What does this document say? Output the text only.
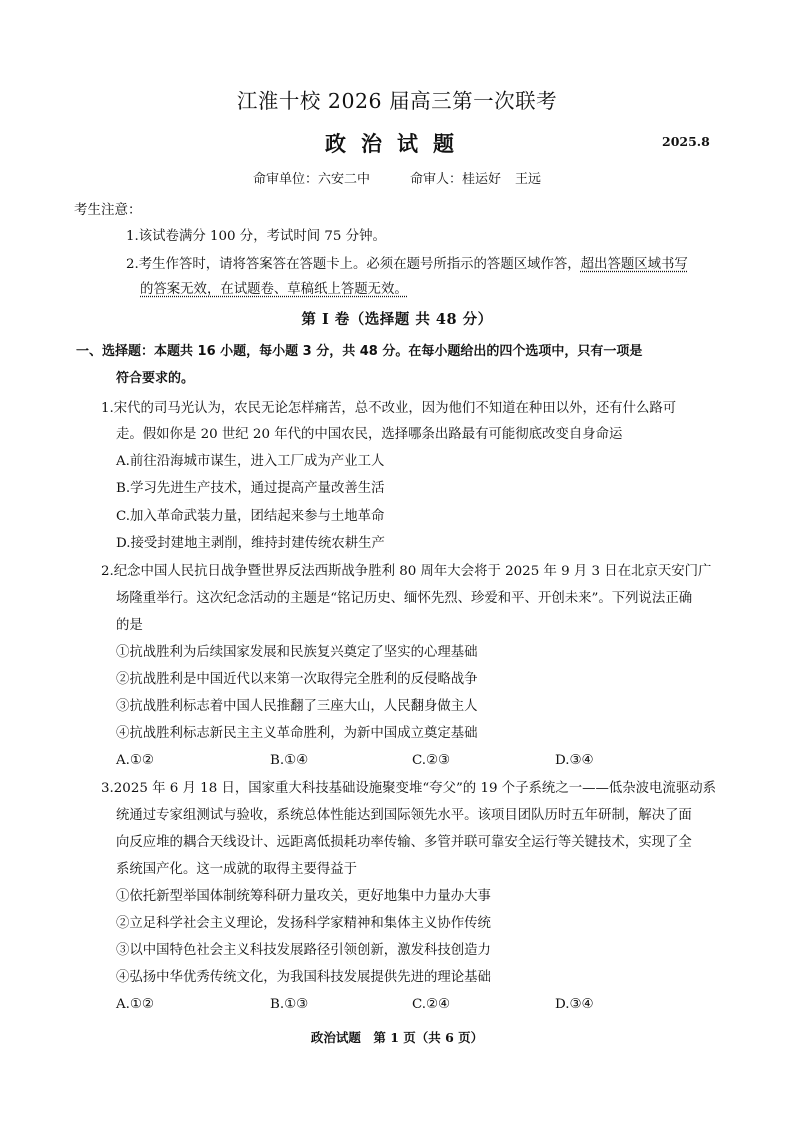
江淮十校 2026 届高三第一次联考
政治试题	2025.8
命审单位：六安二中	命审人：桂运好 王远
考生注意：
1.该试卷满分 100 分，考试时间 75 分钟。
2.考生作答时，请将答案答在答题卡上。必须在题号所指示的答题区域作答，超出答题区域书写
的答案无效，在试题卷、草稿纸上答题无效。
第 I 卷（选择题 共 48 分）
一、选择题：本题共 16 小题，每小题 3 分，共 48 分。在每小题给出的四个选项中，只有一项是
符合要求的。
1.宋代的司马光认为，农民无论怎样痛苦，总不改业，因为他们不知道在种田以外，还有什么路可
走。假如你是 20 世纪 20 年代的中国农民，选择哪条出路最有可能彻底改变自身命运
A.前往沿海城市谋生，进入工厂成为产业工人
B.学习先进生产技术，通过提高产量改善生活
C.加入革命武装力量，团结起来参与土地革命
D.接受封建地主剥削，维持封建传统农耕生产
2.纪念中国人民抗日战争暨世界反法西斯战争胜利 80 周年大会将于 2025 年 9 月 3 日在北京天安门广
场隆重举行。这次纪念活动的主题是“铭记历史、缅怀先烈、珍爱和平、开创未来”。下列说法正确
的是
①抗战胜利为后续国家发展和民族复兴奠定了坚实的心理基础
②抗战胜利是中国近代以来第一次取得完全胜利的反侵略战争
③抗战胜利标志着中国人民推翻了三座大山，人民翻身做主人
④抗战胜利标志新民主主义革命胜利，为新中国成立奠定基础
A.①②	B.①④	C.②③	D.③④
3.2025 年 6 月 18 日，国家重大科技基础设施聚变堆“夸父”的 19 个子系统之一——低杂波电流驱动系
统通过专家组测试与验收，系统总体性能达到国际领先水平。该项目团队历时五年研制，解决了面
向反应堆的耦合天线设计、远距离低损耗功率传输、多管并联可靠安全运行等关键技术，实现了全
系统国产化。这一成就的取得主要得益于
①依托新型举国体制统筹科研力量攻关，更好地集中力量办大事
②立足科学社会主义理论，发扬科学家精神和集体主义协作传统
③以中国特色社会主义科技发展路径引领创新，激发科技创造力
④弘扬中华优秀传统文化，为我国科技发展提供先进的理论基础
A.①②	B.①③	C.②④	D.③④
政治试题　第 1 页（共 6 页）
